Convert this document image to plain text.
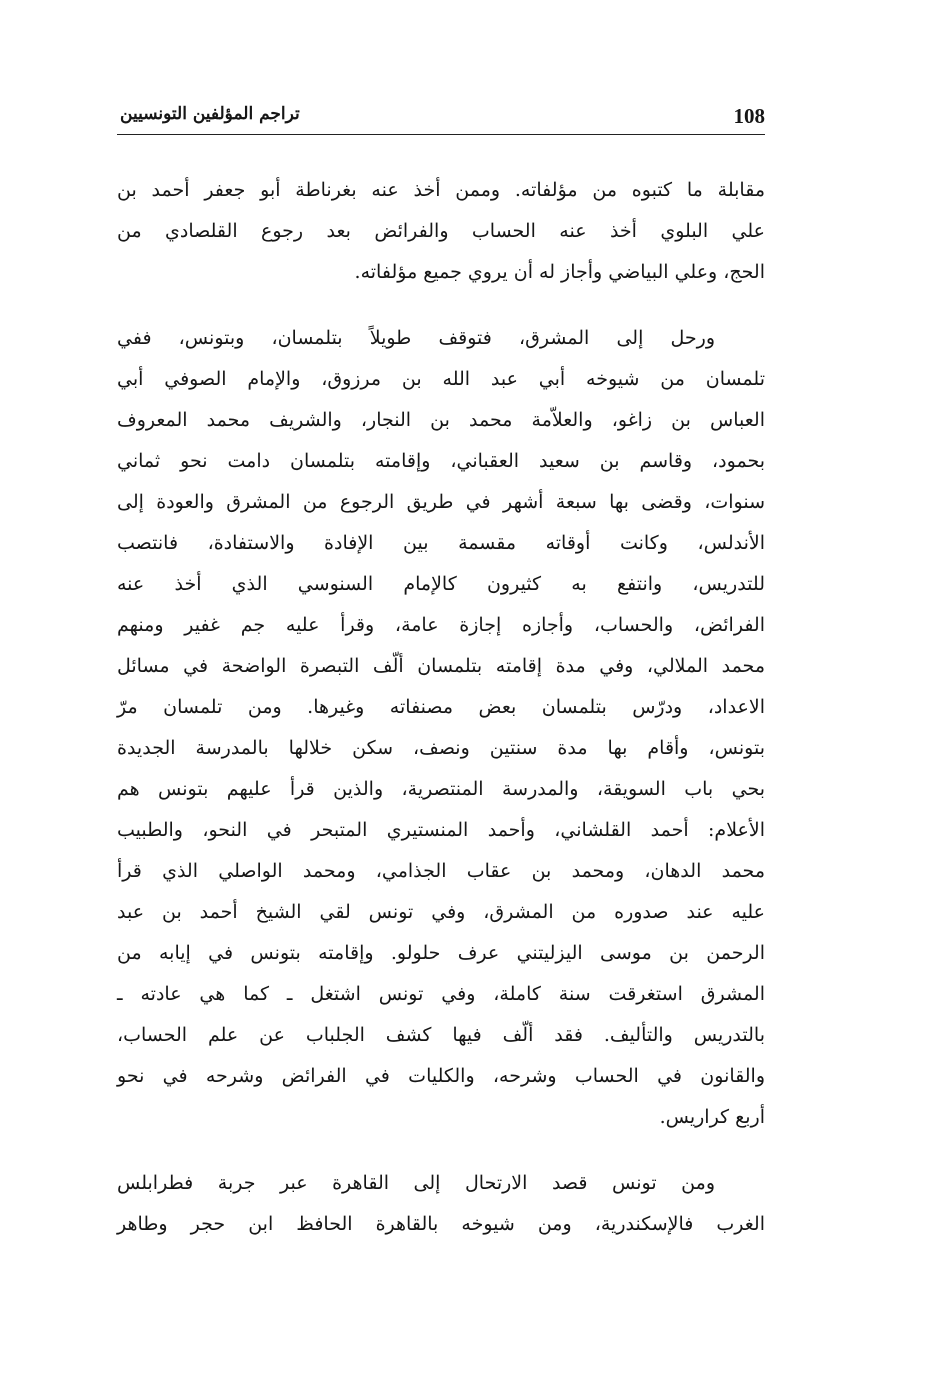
108
تراجم المؤلفين التونسيين

مقابلة ما كتبوه من مؤلفاته. وممن أخذ عنه بغرناطة أبو جعفر أحمد بن
علي البلوي أخذ عنه الحساب والفرائض بعد رجوع القلصادي من
الحج، وعلي البياضي وأجاز له أن يروي جميع مؤلفاته.

ورحل إلى المشرق، فتوقف طويلاً بتلمسان، وبتونس، ففي
تلمسان من شيوخه أبي عبد الله بن مرزوق، والإمام الصوفي أبي
العباس بن زاغو، والعلاّمة محمد بن النجار، والشريف محمد المعروف
بحمود، وقاسم بن سعيد العقباني، وإقامته بتلمسان دامت نحو ثماني
سنوات، وقضى بها سبعة أشهر في طريق الرجوع من المشرق والعودة إلى
الأندلس، وكانت أوقاته مقسمة بين الإفادة والاستفادة، فانتصب
للتدريس، وانتفع به كثيرون كالإمام السنوسي الذي أخذ عنه
الفرائض، والحساب، وأجازه إجازة عامة، وقرأ عليه جم غفير ومنهم
محمد الملالي، وفي مدة إقامته بتلمسان ألّف التبصرة الواضحة في مسائل
الاعداد، ودرّس بتلمسان بعض مصنفاته وغيرها. ومن تلمسان مرّ
بتونس، وأقام بها مدة سنتين ونصف، سكن خلالها بالمدرسة الجديدة
بحي باب السويقة، والمدرسة المنتصرية، والذين قرأ عليهم بتونس هم
الأعلام: أحمد القلشاني، وأحمد المنستيري المتبحر في النحو، والطبيب
محمد الدهان، ومحمد بن عقاب الجذامي، ومحمد الواصلي الذي قرأ
عليه عند صدوره من المشرق، وفي تونس لقي الشيخ أحمد بن عبد
الرحمن بن موسى اليزليتني عرف حلولو. وإقامته بتونس في إيابه من
المشرق استغرقت سنة كاملة، وفي تونس اشتغل ـ كما هي عادته ـ
بالتدريس والتأليف. فقد ألّف فيها كشف الجلباب عن علم الحساب،
والقانون في الحساب وشرحه، والكليات في الفرائض وشرحه في نحو
أربع كراريس.

ومن تونس قصد الارتحال إلى القاهرة عبر جربة فطرابلس
الغرب فالإسكندرية، ومن شيوخه بالقاهرة الحافظ ابن حجر وطاهر
